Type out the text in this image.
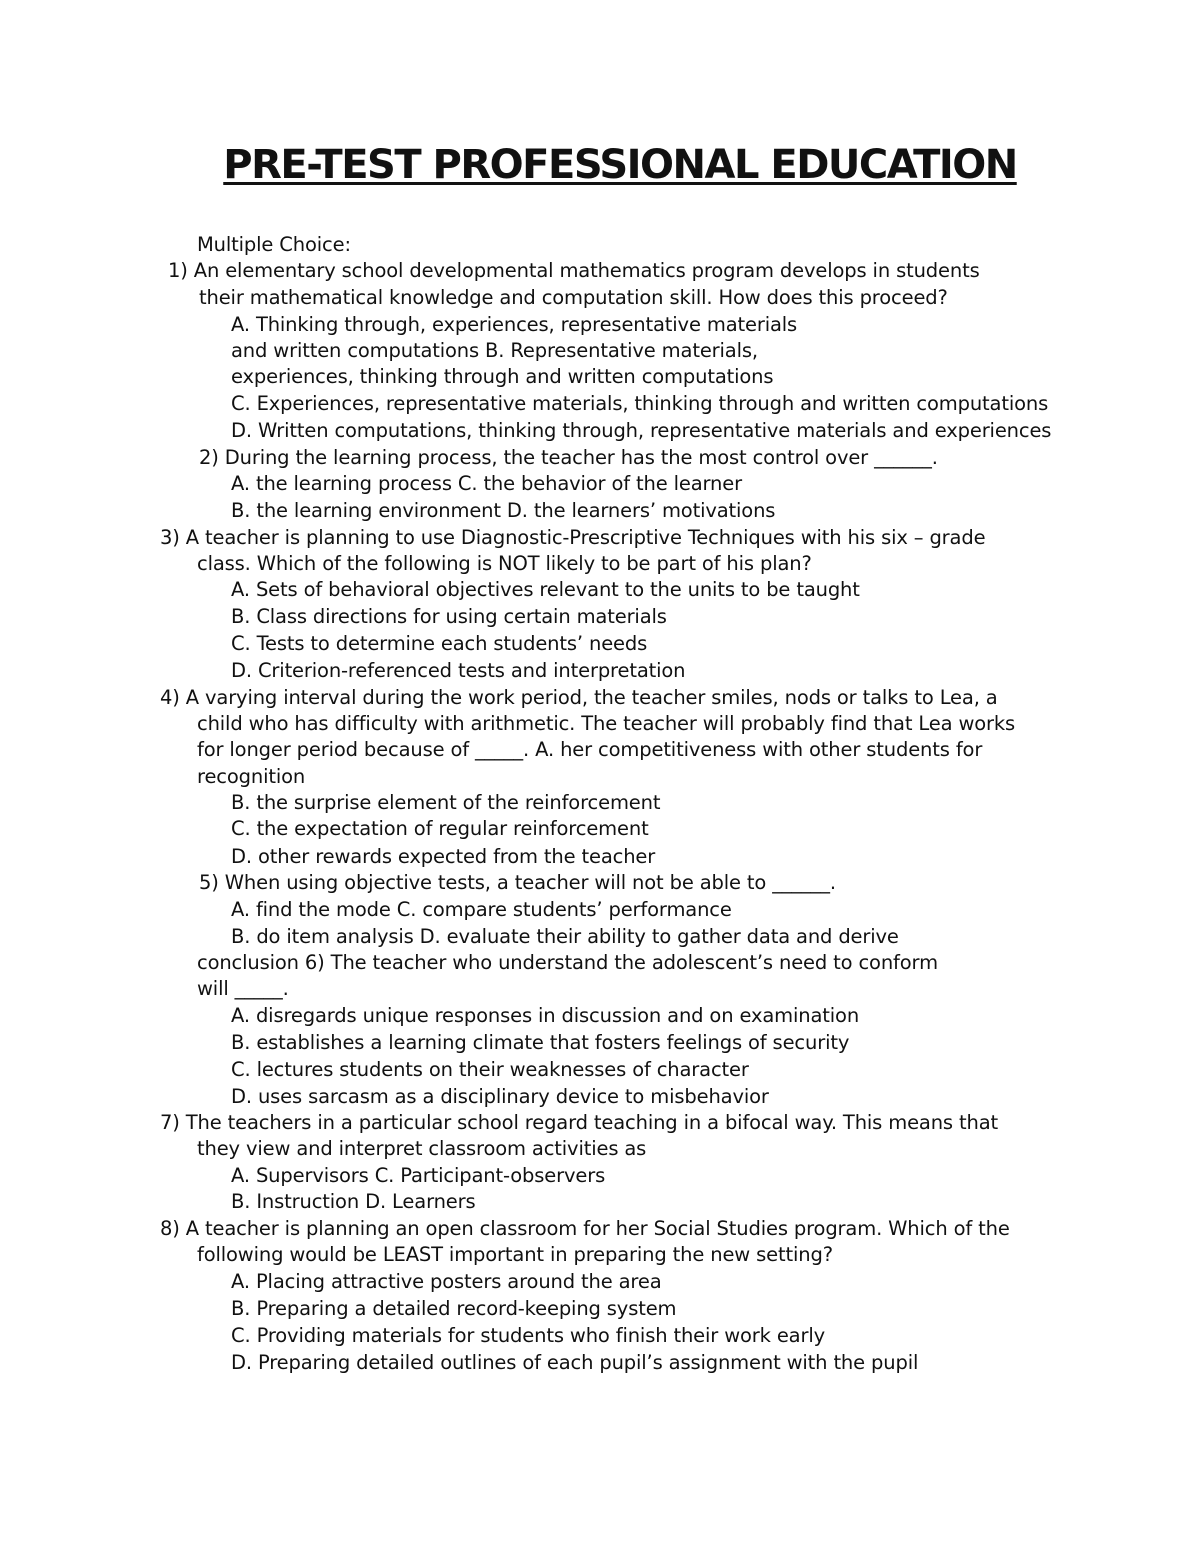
PRE-TEST PROFESSIONAL EDUCATION
Multiple Choice:
1) An elementary school developmental mathematics program develops in students
their mathematical knowledge and computation skill. How does this proceed?
A. Thinking through, experiences, representative materials
and written computations B. Representative materials,
experiences, thinking through and written computations
C. Experiences, representative materials, thinking through and written computations
D. Written computations, thinking through, representative materials and experiences
2) During the learning process, the teacher has the most control over ______.
A. the learning process C. the behavior of the learner
B. the learning environment D. the learners’ motivations
3) A teacher is planning to use Diagnostic-Prescriptive Techniques with his six – grade
class. Which of the following is NOT likely to be part of his plan?
A. Sets of behavioral objectives relevant to the units to be taught
B. Class directions for using certain materials
C. Tests to determine each students’ needs
D. Criterion-referenced tests and interpretation
4) A varying interval during the work period, the teacher smiles, nods or talks to Lea, a
child who has difficulty with arithmetic. The teacher will probably find that Lea works
for longer period because of _____. A. her competitiveness with other students for
recognition
B. the surprise element of the reinforcement
C. the expectation of regular reinforcement
D. other rewards expected from the teacher
5) When using objective tests, a teacher will not be able to ______.
A. find the mode C. compare students’ performance
B. do item analysis D. evaluate their ability to gather data and derive
conclusion 6) The teacher who understand the adolescent’s need to conform
will _____.
A. disregards unique responses in discussion and on examination
B. establishes a learning climate that fosters feelings of security
C. lectures students on their weaknesses of character
D. uses sarcasm as a disciplinary device to misbehavior
7) The teachers in a particular school regard teaching in a bifocal way. This means that
they view and interpret classroom activities as
A. Supervisors C. Participant-observers
B. Instruction D. Learners
8) A teacher is planning an open classroom for her Social Studies program. Which of the
following would be LEAST important in preparing the new setting?
A. Placing attractive posters around the area
B. Preparing a detailed record-keeping system
C. Providing materials for students who finish their work early
D. Preparing detailed outlines of each pupil’s assignment with the pupil
